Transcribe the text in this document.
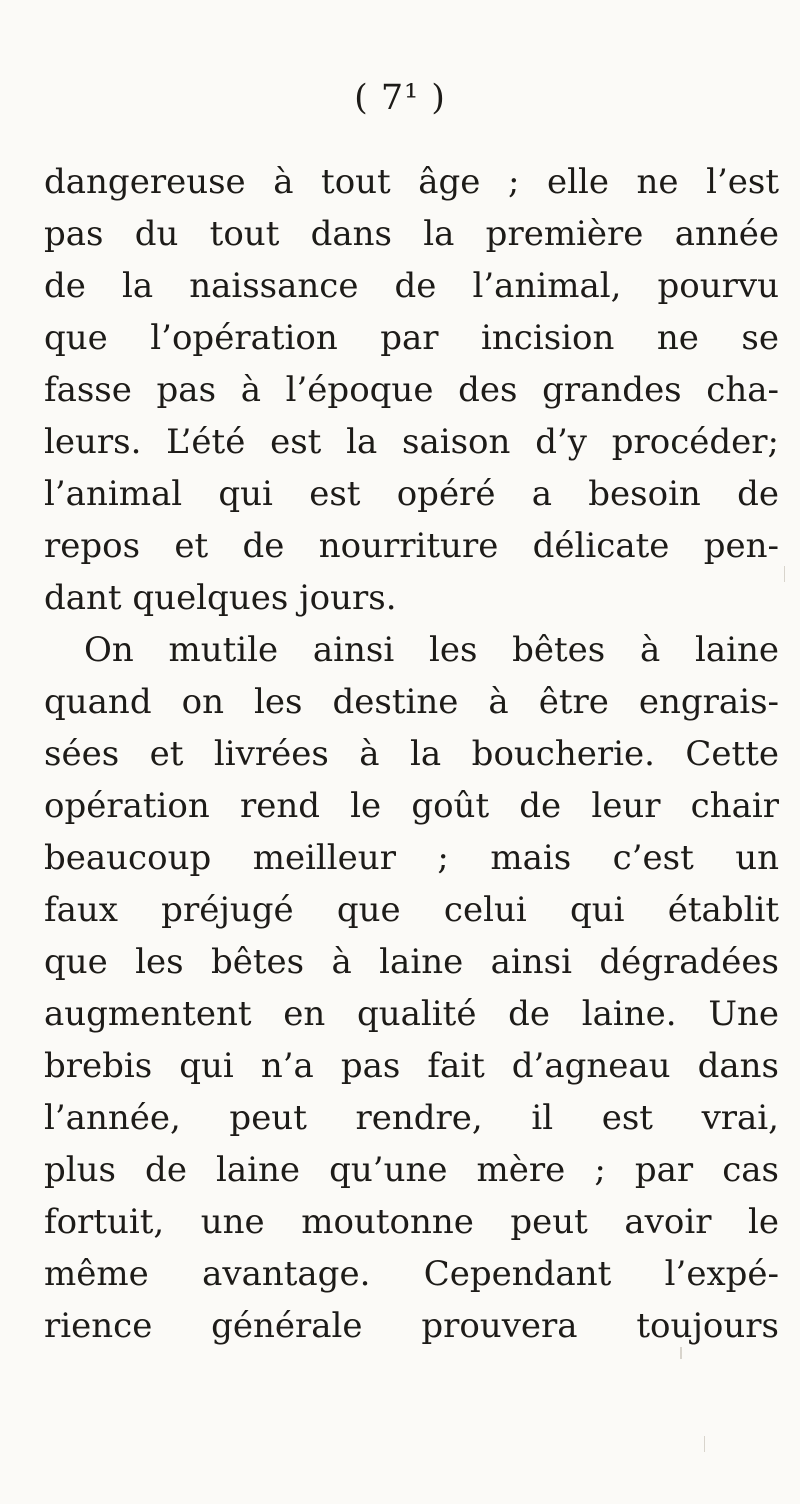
( 7¹ )
dangereuse à tout âge ; elle ne l’est
pas du tout dans la première année
de la naissance de l’animal, pourvu
que l’opération par incision ne se
fasse pas à l’époque des grandes cha-
leurs. L’été est la saison d’y procéder;
l’animal qui est opéré a besoin de
repos et de nourriture délicate pen-
dant quelques jours.
On mutile ainsi les bêtes à laine
quand on les destine à être engrais-
sées et livrées à la boucherie. Cette
opération rend le goût de leur chair
beaucoup meilleur ; mais c’est un
faux préjugé que celui qui établit
que les bêtes à laine ainsi dégradées
augmentent en qualité de laine. Une
brebis qui n’a pas fait d’agneau dans
l’année, peut rendre, il est vrai,
plus de laine qu’une mère ; par cas
fortuit, une moutonne peut avoir le
même avantage. Cependant l’expé-
rience générale prouvera toujours
